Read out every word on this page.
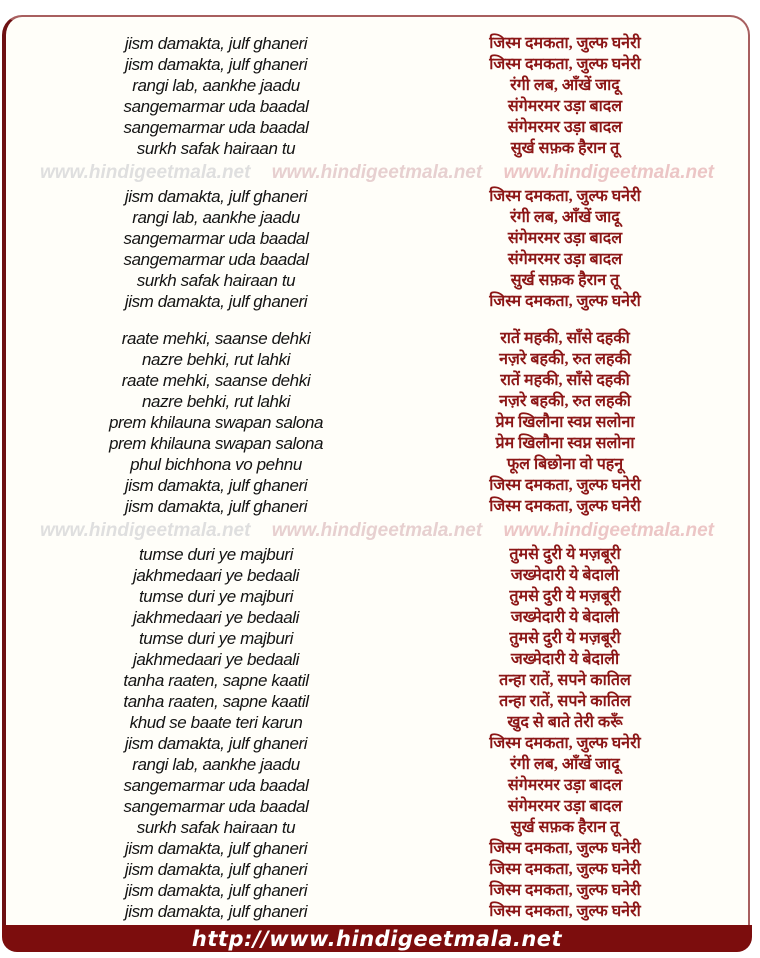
jism damakta, julf ghaneri	जिस्म दमकता, जुल्फ घनेरी
jism damakta, julf ghaneri	जिस्म दमकता, जुल्फ घनेरी
rangi lab, aankhe jaadu	रंगी लब, आँखें जादू
sangemarmar uda baadal	संगेमरमर उड़ा बादल
sangemarmar uda baadal	संगेमरमर उड़ा बादल
surkh safak hairaan tu	सुर्ख सफ़क हैरान तू
www.hindigeetmala.net www.hindigeetmala.net www.hindigeetmala.net
jism damakta, julf ghaneri	जिस्म दमकता, जुल्फ घनेरी
rangi lab, aankhe jaadu	रंगी लब, आँखें जादू
sangemarmar uda baadal	संगेमरमर उड़ा बादल
sangemarmar uda baadal	संगेमरमर उड़ा बादल
surkh safak hairaan tu	सुर्ख सफ़क हैरान तू
jism damakta, julf ghaneri	जिस्म दमकता, जुल्फ घनेरी
raate mehki, saanse dehki	रातें महकी, साँसे दहकी
nazre behki, rut lahki	नज़रे बहकी, रुत लहकी
raate mehki, saanse dehki	रातें महकी, साँसे दहकी
nazre behki, rut lahki	नज़रे बहकी, रुत लहकी
prem khilauna swapan salona	प्रेम खिलौना स्वप्न सलोना
prem khilauna swapan salona	प्रेम खिलौना स्वप्न सलोना
phul bichhona vo pehnu	फूल बिछोना वो पहनू
jism damakta, julf ghaneri	जिस्म दमकता, जुल्फ घनेरी
jism damakta, julf ghaneri	जिस्म दमकता, जुल्फ घनेरी
www.hindigeetmala.net www.hindigeetmala.net www.hindigeetmala.net
tumse duri ye majburi	तुमसे दुरी ये मज़बूरी
jakhmedaari ye bedaali	जख्मेदारी ये बेदाली
tumse duri ye majburi	तुमसे दुरी ये मज़बूरी
jakhmedaari ye bedaali	जख्मेदारी ये बेदाली
tumse duri ye majburi	तुमसे दुरी ये मज़बूरी
jakhmedaari ye bedaali	जख्मेदारी ये बेदाली
tanha raaten, sapne kaatil	तन्हा रातें, सपने कातिल
tanha raaten, sapne kaatil	तन्हा रातें, सपने कातिल
khud se baate teri karun	खुद से बाते तेरी करूँ
jism damakta, julf ghaneri	जिस्म दमकता, जुल्फ घनेरी
rangi lab, aankhe jaadu	रंगी लब, आँखें जादू
sangemarmar uda baadal	संगेमरमर उड़ा बादल
sangemarmar uda baadal	संगेमरमर उड़ा बादल
surkh safak hairaan tu	सुर्ख सफ़क हैरान तू
jism damakta, julf ghaneri	जिस्म दमकता, जुल्फ घनेरी
jism damakta, julf ghaneri	जिस्म दमकता, जुल्फ घनेरी
jism damakta, julf ghaneri	जिस्म दमकता, जुल्फ घनेरी
jism damakta, julf ghaneri	जिस्म दमकता, जुल्फ घनेरी
http://www.hindigeetmala.net
